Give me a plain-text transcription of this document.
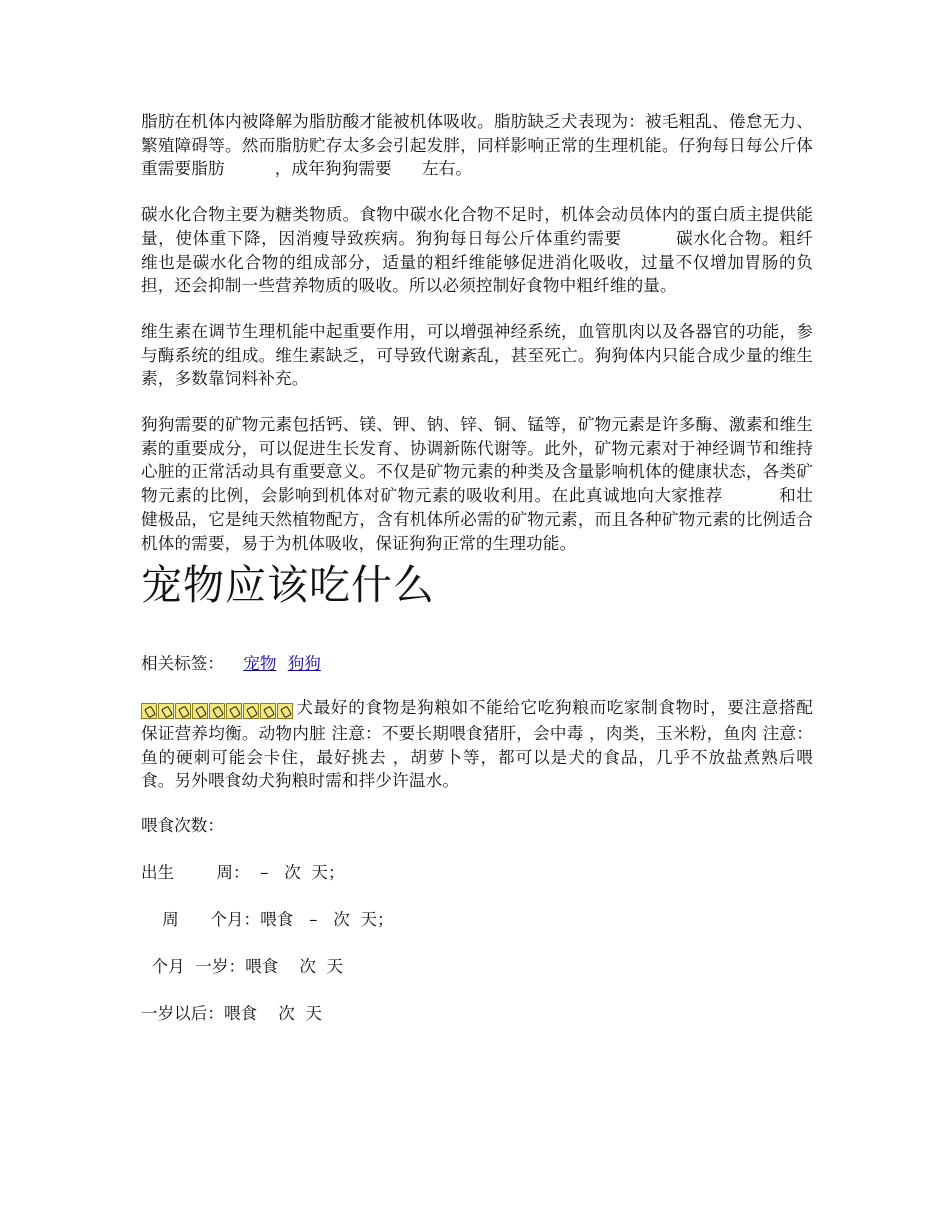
脂肪在机体内被降解为脂肪酸才能被机体吸收。脂肪缺乏犬表现为：被毛粗乱、倦怠无力、繁殖障碍等。然而脂肪贮存太多会引起发胖，同样影响正常的生理机能。仔狗每日每公斤体重需要脂肪	，成年狗狗需要 左右。

碳水化合物主要为糖类物质。食物中碳水化合物不足时，机体会动员体内的蛋白质主提供能量，使体重下降，因消瘦导致疾病。狗狗每日每公斤体重约需要	碳水化合物。粗纤维也是碳水化合物的组成部分，适量的粗纤维能够促进消化吸收，过量不仅增加胃肠的负担，还会抑制一些营养物质的吸收。所以必须控制好食物中粗纤维的量。

维生素在调节生理机能中起重要作用，可以增强神经系统，血管肌肉以及各器官的功能，参与酶系统的组成。维生素缺乏，可导致代谢紊乱，甚至死亡。狗狗体内只能合成少量的维生素，多数靠饲料补充。

狗狗需要的矿物元素包括钙、镁、钾、钠、锌、铜、锰等，矿物元素是许多酶、激素和维生素的重要成分，可以促进生长发育、协调新陈代谢等。此外，矿物元素对于神经调节和维持心脏的正常活动具有重要意义。不仅是矿物元素的种类及含量影响机体的健康状态，各类矿物元素的比例，会影响到机体对矿物元素的吸收利用。在此真诚地向大家推荐	和壮健极品，它是纯天然植物配方，含有机体所必需的矿物元素，而且各种矿物元素的比例适合机体的需要，易于为机体吸收，保证狗狗正常的生理功能。

宠物应该吃什么
相关标签： 宠物 狗狗

犬最好的食物是狗粮如不能给它吃狗粮而吃家制食物时，要注意搭配保证营养均衡。动物内脏 注意：不要长期喂食猪肝，会中毒 ，肉类，玉米粉，鱼肉 注意：鱼的硬刺可能会卡住，最好挑去 ，胡萝卜等，都可以是犬的食品，几乎不放盐煮熟后喂食。另外喂食幼犬狗粮时需和拌少许温水。

喂食次数：
出生        周：  –   次  天；
周      个月：喂食   –   次  天；
个月  一岁：喂食    次  天
一岁以后：喂食    次  天
